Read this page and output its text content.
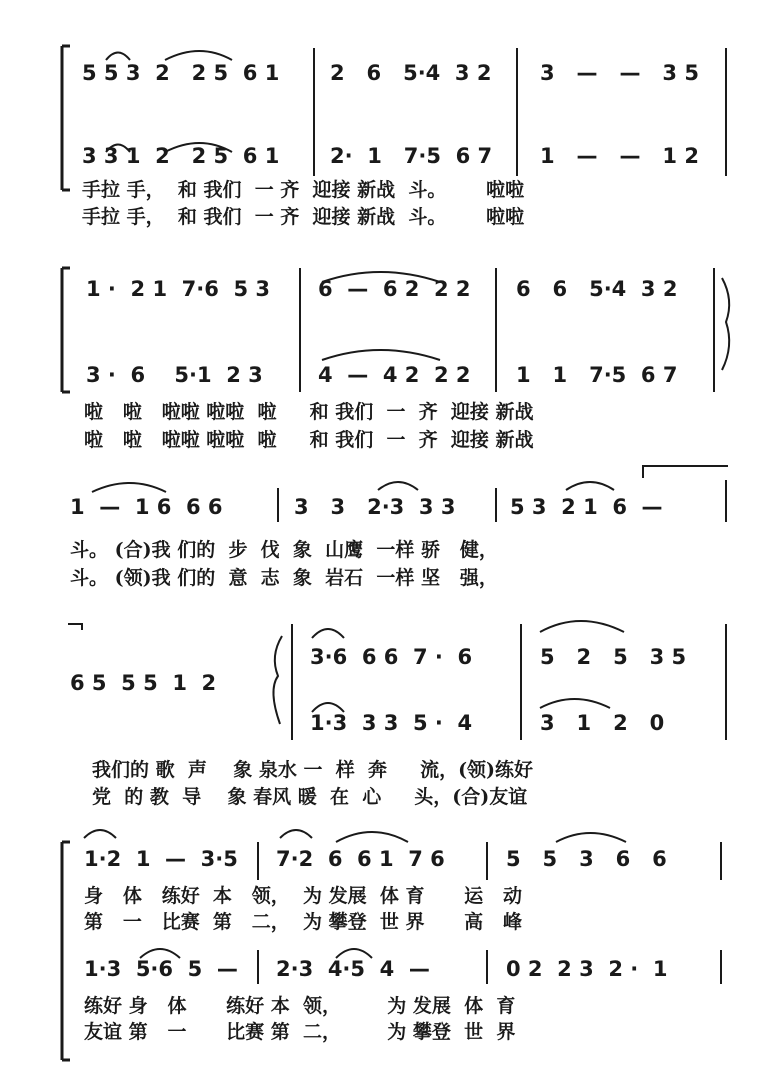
5 5 3  2   2 5  6 1 2   6   5·4  3 2 3   —   —   3 5
3 3 1  2   2 5  6 1 2·  1   7·5  6 7 1   —   —   1 2
手拉 手，  和 我们  一 齐  迎接 新战  斗。      啦啦
手拉 手，  和 我们  一 齐  迎接 新战  斗。      啦啦
1 ·  2 1  7·6  5 3 6  —  6 2  2 2 6   6   5·4  3 2
3 ·  6    5·1  2 3	4  —  4 2  2 2 1   1   7·5  6 7
啦   啦   啦啦 啦啦  啦     和 我们  一  齐  迎接 新战
啦   啦   啦啦 啦啦  啦     和 我们  一  齐  迎接 新战
1  —  1 6  6 6	3   3   2·3  3 3	5 3  2 1  6  —
斗。 (合)我 们的  步  伐  象  山鹰  一样 骄   健，
斗。 (领)我 们的  意  志  象  岩石  一样 坚   强，
3·6  6 6  7 ·  6	5   2   5   3 5
6 5  5 5  1  2
1·3  3 3  5 ·  4	3   1   2   0
我们的 歌  声    象 泉水 一  样  奔     流，(领)练好
党  的 教  导    象 春风 暖  在  心     头，(合)友谊
1·2  1  —  3·5 7·2  6  6 1  7 6	5   5   3   6   6
身   体   练好  本   领，  为 发展  体 育      运   动
第   一   比赛  第   二，  为 攀登  世 界      高   峰
1·3  5·6  5  — 2·3  4·5  4  —	0 2  2 3  2 ·  1
练好 身   体      练好 本  领，       为 发展  体  育
友谊 第   一      比赛 第  二，       为 攀登  世  界
